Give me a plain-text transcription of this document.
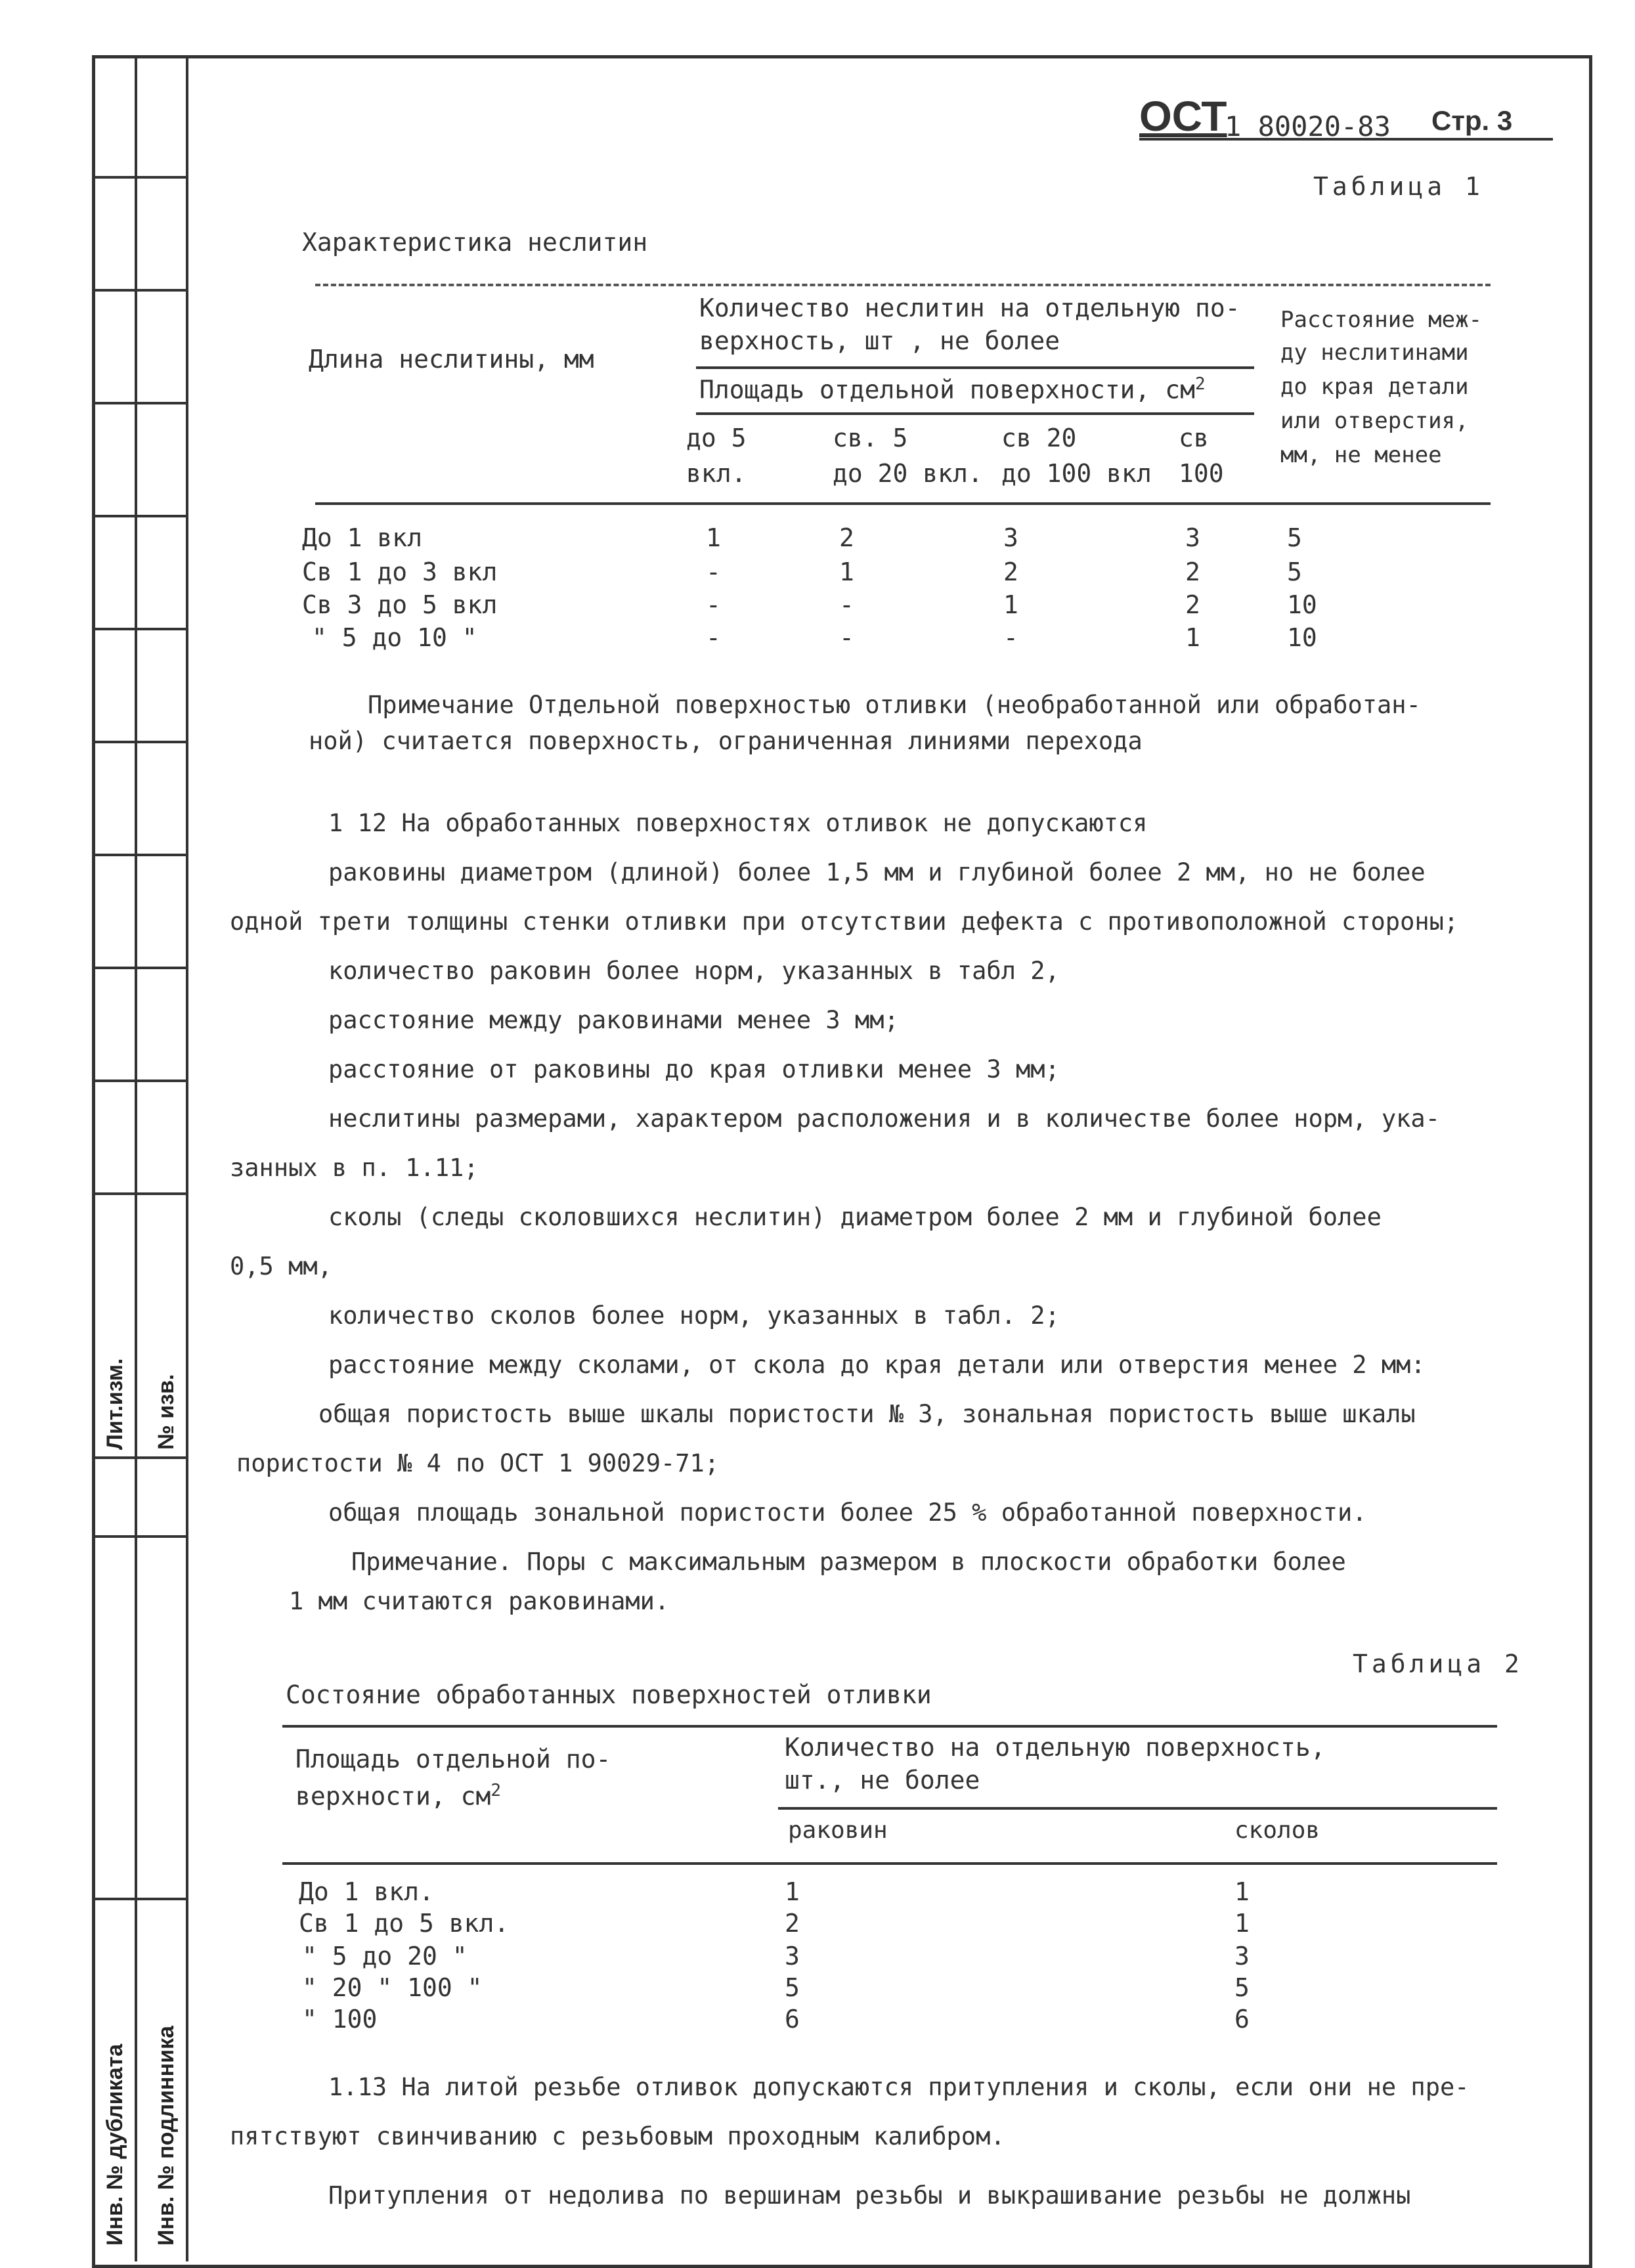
Лит.изм. № изв.
Инв. № дубликата Инв. № подлинника
ОСТ
1 80020-83 Стр. 3
Таблица 1
Характеристика неслитин
Длина неслитины, мм
Количество неслитин на отдельную по-
верхность, шт , не более
Площадь отдельной поверхности, $см^2$
до 5
вкл.
св. 5
до 20 вкл.
св 20
до 100 вкл
св
100
Расстояние меж-
ду неслитинами
до края детали
или отверстия,
мм, не менее
До 1 вкл	1	2	3	3	5
Св 1 до 3 вкл	-	1	2	2	5
Св 3 до 5 вкл	-	-	1	2	10
" 5 до 10 "	-	-	-	1	10
Примечание Отдельной поверхностью отливки (необработанной или обработан-
ной) считается поверхность, ограниченная линиями перехода
1 12 На обработанных поверхностях отливок не допускаются
раковины диаметром (длиной) более 1,5 мм и глубиной более 2 мм, но не более
одной трети толщины стенки отливки при отсутствии дефекта с противоположной стороны;
количество раковин более норм, указанных в табл 2,
расстояние между раковинами менее 3 мм;
расстояние от раковины до края отливки менее 3 мм;
неслитины размерами, характером расположения и в количестве более норм, ука-
занных в п. 1.11;
сколы (следы сколовшихся неслитин) диаметром более 2 мм и глубиной более
0,5 мм,
количество сколов более норм, указанных в табл. 2;
расстояние между сколами, от скола до края детали или отверстия менее 2 мм:
общая пористость выше шкалы пористости № 3, зональная пористость выше шкалы
пористости № 4 по ОСТ 1 90029-71;
общая площадь зональной пористости более 25 % обработанной поверхности.
Примечание. Поры с максимальным размером в плоскости обработки более
1 мм считаются раковинами.
Таблица 2
Состояние обработанных поверхностей отливки
Площадь отдельной по-
верхности, $см^2$
Количество на отдельную поверхность,
шт., не более
раковин	сколов
До 1 вкл.	1	1
Св 1 до 5 вкл.	2	1
" 5 до 20 "	3	3
" 20 " 100 "	5	5
" 100	6	6
1.13 На литой резьбе отливок допускаются притупления и сколы, если они не пре-
пятствуют свинчиванию с резьбовым проходным калибром.
Притупления от недолива по вершинам резьбы и выкрашивание резьбы не должны
